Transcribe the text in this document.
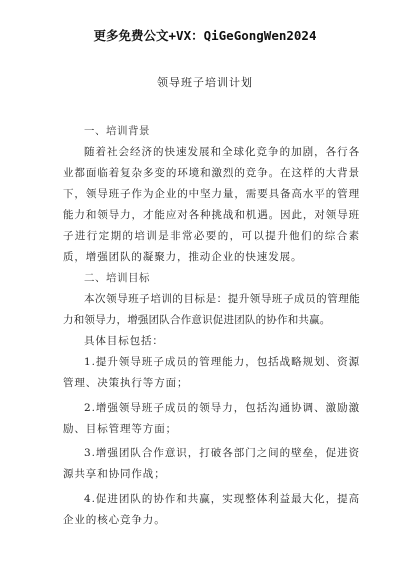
更多免费公文+VX：QiGeGongWen2024
领导班子培训计划
一、培训背景

随着社会经济的快速发展和全球化竞争的加剧，各行各业都面临着复杂多变的环境和激烈的竞争。在这样的大背景下，领导班子作为企业的中坚力量，需要具备高水平的管理能力和领导力，才能应对各种挑战和机遇。因此，对领导班子进行定期的培训是非常必要的，可以提升他们的综合素质，增强团队的凝聚力，推动企业的快速发展。

二、培训目标

本次领导班子培训的目标是：提升领导班子成员的管理能力和领导力，增强团队合作意识促进团队的协作和共赢。

具体目标包括：

1.提升领导班子成员的管理能力，包括战略规划、资源管理、决策执行等方面；
2.增强领导班子成员的领导力，包括沟通协调、激励激励、目标管理等方面；
3.增强团队合作意识，打破各部门之间的壁垒，促进资源共享和协同作战；
4.促进团队的协作和共赢，实现整体利益最大化，提高企业的核心竞争力。
